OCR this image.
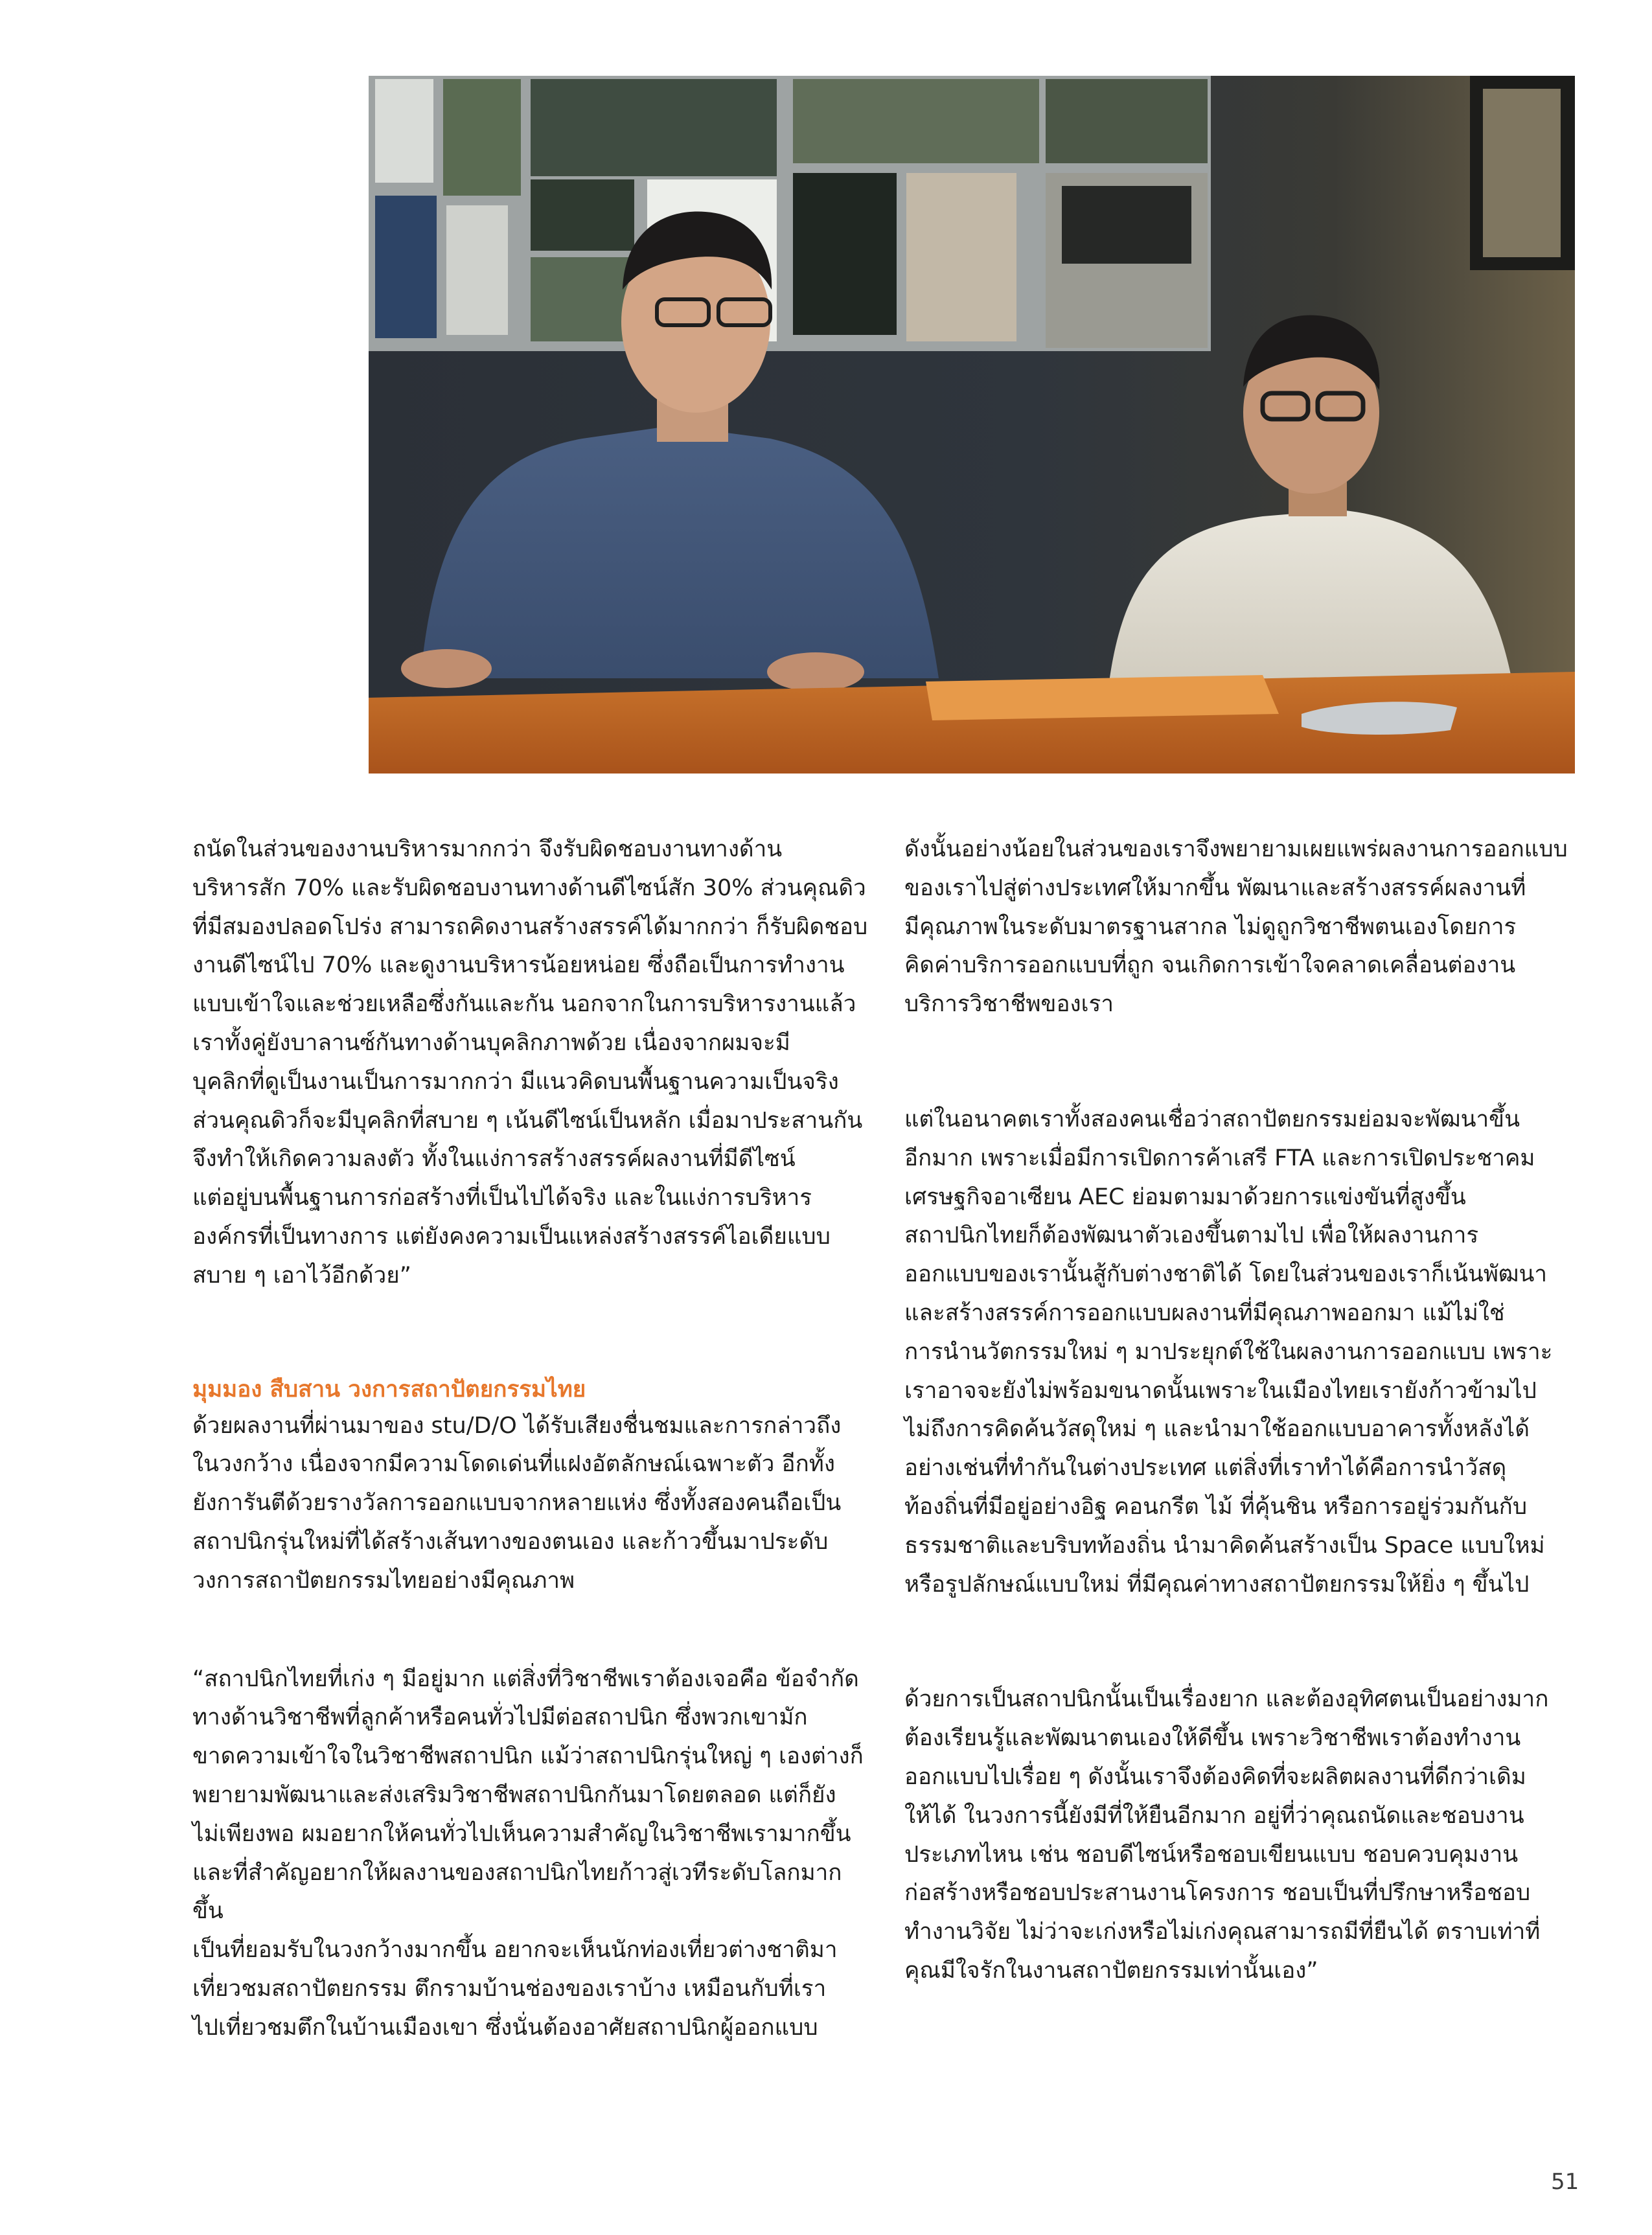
ถนัดในส่วนของงานบริหารมากกว่า จึงรับผิดชอบงานทางด้าน
บริหารสัก 70% และรับผิดชอบงานทางด้านดีไซน์สัก 30% ส่วนคุณดิว
ที่มีสมองปลอดโปร่ง สามารถคิดงานสร้างสรรค์ได้มากกว่า ก็รับผิดชอบ
งานดีไซน์ไป 70% และดูงานบริหารน้อยหน่อย ซึ่งถือเป็นการทำงาน
แบบเข้าใจและช่วยเหลือซึ่งกันและกัน นอกจากในการบริหารงานแล้ว
เราทั้งคู่ยังบาลานซ์กันทางด้านบุคลิกภาพด้วย เนื่องจากผมจะมี
บุคลิกที่ดูเป็นงานเป็นการมากกว่า มีแนวคิดบนพื้นฐานความเป็นจริง
ส่วนคุณดิวก็จะมีบุคลิกที่สบาย ๆ เน้นดีไซน์เป็นหลัก เมื่อมาประสานกัน
จึงทำให้เกิดความลงตัว ทั้งในแง่การสร้างสรรค์ผลงานที่มีดีไซน์
แต่อยู่บนพื้นฐานการก่อสร้างที่เป็นไปได้จริง และในแง่การบริหาร
องค์กรที่เป็นทางการ แต่ยังคงความเป็นแหล่งสร้างสรรค์ไอเดียแบบ
สบาย ๆ เอาไว้อีกด้วย”

มุมมอง สืบสาน วงการสถาปัตยกรรมไทย

ด้วยผลงานที่ผ่านมาของ stu/D/O ได้รับเสียงชื่นชมและการกล่าวถึง
ในวงกว้าง เนื่องจากมีความโดดเด่นที่แฝงอัตลักษณ์เฉพาะตัว อีกทั้ง
ยังการันตีด้วยรางวัลการออกแบบจากหลายแห่ง ซึ่งทั้งสองคนถือเป็น
สถาปนิกรุ่นใหม่ที่ได้สร้างเส้นทางของตนเอง และก้าวขึ้นมาประดับ
วงการสถาปัตยกรรมไทยอย่างมีคุณภาพ

“สถาปนิกไทยที่เก่ง ๆ มีอยู่มาก แต่สิ่งที่วิชาชีพเราต้องเจอคือ ข้อจำกัด
ทางด้านวิชาชีพที่ลูกค้าหรือคนทั่วไปมีต่อสถาปนิก ซึ่งพวกเขามัก
ขาดความเข้าใจในวิชาชีพสถาปนิก แม้ว่าสถาปนิกรุ่นใหญ่ ๆ เองต่างก็
พยายามพัฒนาและส่งเสริมวิชาชีพสถาปนิกกันมาโดยตลอด แต่ก็ยัง
ไม่เพียงพอ ผมอยากให้คนทั่วไปเห็นความสำคัญในวิชาชีพเรามากขึ้น
และที่สำคัญอยากให้ผลงานของสถาปนิกไทยก้าวสู่เวทีระดับโลกมากขึ้น
เป็นที่ยอมรับในวงกว้างมากขึ้น อยากจะเห็นนักท่องเที่ยวต่างชาติมา
เที่ยวชมสถาปัตยกรรม ตึกรามบ้านช่องของเราบ้าง เหมือนกับที่เรา
ไปเที่ยวชมตึกในบ้านเมืองเขา ซึ่งนั่นต้องอาศัยสถาปนิกผู้ออกแบบ

ดังนั้นอย่างน้อยในส่วนของเราจึงพยายามเผยแพร่ผลงานการออกแบบ
ของเราไปสู่ต่างประเทศให้มากขึ้น พัฒนาและสร้างสรรค์ผลงานที่
มีคุณภาพในระดับมาตรฐานสากล ไม่ดูถูกวิชาชีพตนเองโดยการ
คิดค่าบริการออกแบบที่ถูก จนเกิดการเข้าใจคลาดเคลื่อนต่องาน
บริการวิชาชีพของเรา

แต่ในอนาคตเราทั้งสองคนเชื่อว่าสถาปัตยกรรมย่อมจะพัฒนาขึ้น
อีกมาก เพราะเมื่อมีการเปิดการค้าเสรี FTA และการเปิดประชาคม
เศรษฐกิจอาเซียน AEC ย่อมตามมาด้วยการแข่งขันที่สูงขึ้น
สถาปนิกไทยก็ต้องพัฒนาตัวเองขึ้นตามไป เพื่อให้ผลงานการ
ออกแบบของเรานั้นสู้กับต่างชาติได้ โดยในส่วนของเราก็เน้นพัฒนา
และสร้างสรรค์การออกแบบผลงานที่มีคุณภาพออกมา แม้ไม่ใช่
การนำนวัตกรรมใหม่ ๆ มาประยุกต์ใช้ในผลงานการออกแบบ เพราะ
เราอาจจะยังไม่พร้อมขนาดนั้นเพราะในเมืองไทยเรายังก้าวข้ามไป
ไม่ถึงการคิดค้นวัสดุใหม่ ๆ และนำมาใช้ออกแบบอาคารทั้งหลังได้
อย่างเช่นที่ทำกันในต่างประเทศ แต่สิ่งที่เราทำได้คือการนำวัสดุ
ท้องถิ่นที่มีอยู่อย่างอิฐ คอนกรีต ไม้ ที่คุ้นชิน หรือการอยู่ร่วมกันกับ
ธรรมชาติและบริบทท้องถิ่น นำมาคิดค้นสร้างเป็น Space แบบใหม่
หรือรูปลักษณ์แบบใหม่ ที่มีคุณค่าทางสถาปัตยกรรมให้ยิ่ง ๆ ขึ้นไป

ด้วยการเป็นสถาปนิกนั้นเป็นเรื่องยาก และต้องอุทิศตนเป็นอย่างมาก
ต้องเรียนรู้และพัฒนาตนเองให้ดีขึ้น เพราะวิชาชีพเราต้องทำงาน
ออกแบบไปเรื่อย ๆ ดังนั้นเราจึงต้องคิดที่จะผลิตผลงานที่ดีกว่าเดิม
ให้ได้ ในวงการนี้ยังมีที่ให้ยืนอีกมาก อยู่ที่ว่าคุณถนัดและชอบงาน
ประเภทไหน เช่น ชอบดีไซน์หรือชอบเขียนแบบ ชอบควบคุมงาน
ก่อสร้างหรือชอบประสานงานโครงการ ชอบเป็นที่ปรึกษาหรือชอบ
ทำงานวิจัย ไม่ว่าจะเก่งหรือไม่เก่งคุณสามารถมีที่ยืนได้ ตราบเท่าที่
คุณมีใจรักในงานสถาปัตยกรรมเท่านั้นเอง”

51
